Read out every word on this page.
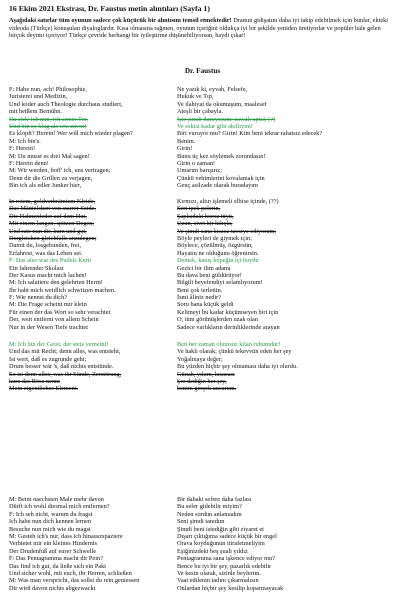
16 Ekim 2021 Ekstrası, Dr. Faustus metin alıntıları (Sayfa 1)
Aşağıdaki satırlar tüm oyunun sadece çok küçücük bir alıntısını temsil etmektedir! Dramın gidişatını daha iyi takip edebilmek için bunlar, ekteki videoda (Türkçe) konuşulan diyaloglardır. Kısa olmasına rağmen, oyunun içeriğini oldukça iyi bir şekilde yeniden üretiyorlar ve popüler hale gelen birçok deyimi içeriyor! Türkçe çevride herhangi bir iyileştirme düşünebiliyorsan, haydi çıkar!
Dr. Faustus
F: Habe nun, ach! Philosophie,	Ne yazık ki, eyvah, Felsefe,
Juristerei und Medizin,	Hukuk ve Tıp,
Und leider auch Theologie durchaus studiert,	Ve ilahiyat da okumuşum, maalesef
mit heißem Bemühn.	Ateşli bir çabayla.
Da steh' ich nun, ich armer Tor,	İşte şimdi duruyorum, zavallı aptal, (?)
Und bin so klug als wie zuvor!	Ve eskisi kadar gibi akıllıyım!
Es klopft? Herein! Wer will mich wieder plagen?	Biri vuruyor mu? Girin! Kim beni tekrar rahatsız edecek?
M: Ich bin's.	Benim.
F: Herein!	Girin!
M: Du musst es drei Mal sagen!	Bunu üç kez söylemek zorundasın!
F: Herein denn!	Girin o zaman!
M: Wir werden, hoff' ich, uns vertragen;	Umarım barışırız;
Denn dir die Grillen zu verjagen,	Çünkü vehimlerini kovalamak için
Bin ich als edler Junker hier,	Genç asilzade olarak buradayım
In rotem, goldverbrämtem Kleide,	Kırmızı, altın işlemeli elbise içinde, (??)
Das Mäntelchen von starrer Seide,	Sert ipek pelerin,
Die Hahnenfeder auf dem Hut,	Şapkadaki horoz tüyü,
Mit einem langen, spitzen Degen,	Uzun, sivri bir kılıçla,
Und rate nun dir, kurz und gut,	Ve şimdi sana kısaca tavsiye ediyorum,
Dergleichen gleichfalls anzulegen;	Böyle peyleri de giymek için;
Damit du, losgebunden, frei,	Böylece, çözülmüş, özgürsün,
Erfahrest, was das Leben sei.	Hayatın ne olduğunu öğrenirsin.
F: Das also war des Pudels Kern	Demek, kanış köpeğin içi buydu
Ein fahrender Skolast	Gezici bir ilim adamı
Der Kasus macht mich lachen!	Bu dava beni güldürüyor!
M: Ich salutiere den gelehrten Herrn!	Bilgili beyefendiyi selamlıyorum!
Ihr habt mich weidlich schwitzen machen.	Beni çok terlettin.
F: Wie nennst du dich?	İsmi âliniz nedir?
M: Die Frage scheint mir klein	Soru bana küçük geldi
Für einen der das Wort so sehr verachtet	Kelimeyi bu kadar küçümseyen biri için
Der, weit entfernt von allem Schein	O, tüm görünüşlerden uzak olan
Nur in der Wesen Tiefe trachtet	Sadece varlıkların derinliklerinde arayan
M: Ich bin der Geist, der stets verneint!	Ben her zaman olumsuz kılan ruhumdur!
Und das mit Recht; denn alles, was entsteht,	Ve haklı olarak; çünkü tekevvün eden her şey
Ist wert, daß es zugrunde geht;	Yoğalmaya değer;
Drum besser wär 's, daß nichts entstünde.	Bu yüzden hiçbir şey olmaması daha iyi olurdu.
So ist denn alles, was ihr Sünde, Zerstörung,	Günah, yıkım, kısacası
kurz das Böse nennt	Şer dediğin her şey,
Mein eigentliches Element.	benim gerçek unsurum.
M: Beim naechsten Male mehr davon	Bir dahaki sefere daha fazlası
Dürft ich wohl diesmal mich entfernen?	Bu sefer gidebilir miyim?
F: Ich seh nicht, warum du fragst	Neden sordun anlamadım
Ich habe nun dich kennen lernen	Seni şimdi tanıdım
Besuche nun mich wie du magst	Şimdi beni istediğin gibi ziyaret et
M: Gesteh ich's nur, dass ich hinauszspaziere	Dışarı çıktığıma sadece küçük bir engel
Verbietet mir ein kleines Hindernis	Orava koyduğunun itirafetmeliyim
Der Drudenfuß auf eurer Schwelle	Eşiğinizdeki beş şuali yıldız
F: Das Pentagramma macht dir Pein?	Pentagramma sana işkence ediyor mu?
Das find ich gut, da ließe sich ein Pakt	Bence bu iyi bir şey, pazarlık edebilir
Und sicher wohl, mit euch, ihr Herren, schließen	Ve kesin olarak, sizinle beylerim.
M: Was man verspricht, das sollst du rein geniessen	Vaat edilenin tadını çıkarmalısın
Dir wird davon nichts abgezwackt	Onlardan hiçbir şey kesilip koparmayacak
